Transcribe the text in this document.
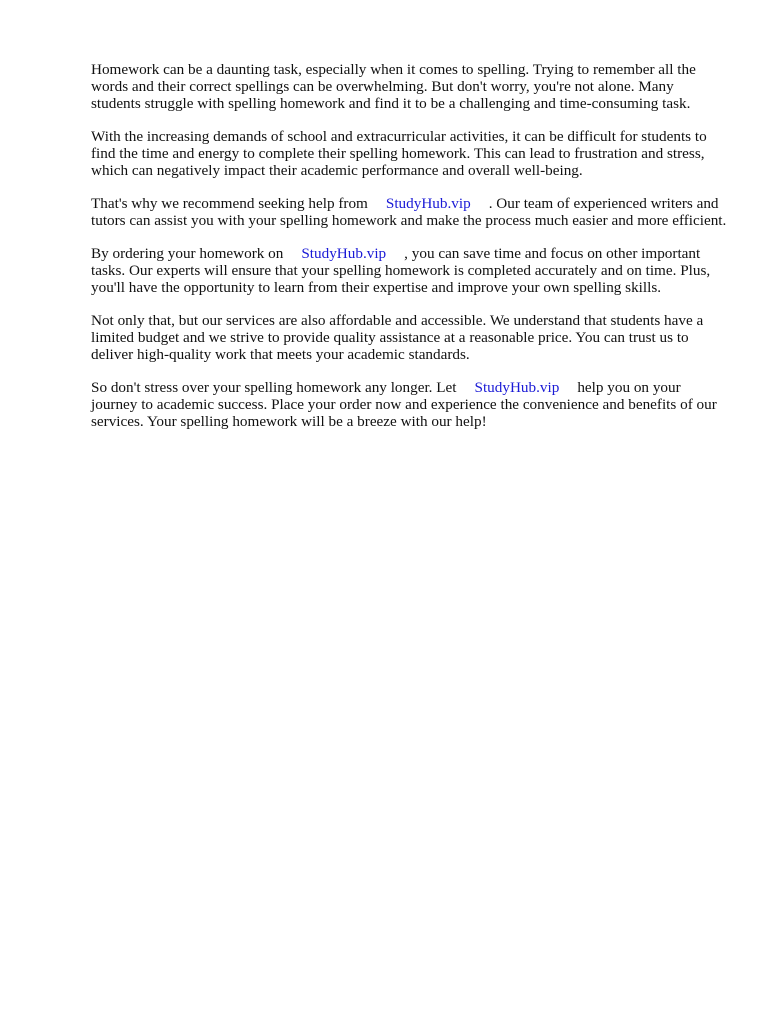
Homework can be a daunting task, especially when it comes to spelling. Trying to remember all the words and their correct spellings can be overwhelming. But don't worry, you're not alone. Many students struggle with spelling homework and find it to be a challenging and time-consuming task.

With the increasing demands of school and extracurricular activities, it can be difficult for students to find the time and energy to complete their spelling homework. This can lead to frustration and stress, which can negatively impact their academic performance and overall well-being.

That's why we recommend seeking help from StudyHub.vip . Our team of experienced writers and tutors can assist you with your spelling homework and make the process much easier and more efficient.

By ordering your homework on StudyHub.vip , you can save time and focus on other important tasks. Our experts will ensure that your spelling homework is completed accurately and on time. Plus, you'll have the opportunity to learn from their expertise and improve your own spelling skills.

Not only that, but our services are also affordable and accessible. We understand that students have a limited budget and we strive to provide quality assistance at a reasonable price. You can trust us to deliver high-quality work that meets your academic standards.

So don't stress over your spelling homework any longer. Let StudyHub.vip help you on your journey to academic success. Place your order now and experience the convenience and benefits of our services. Your spelling homework will be a breeze with our help!
